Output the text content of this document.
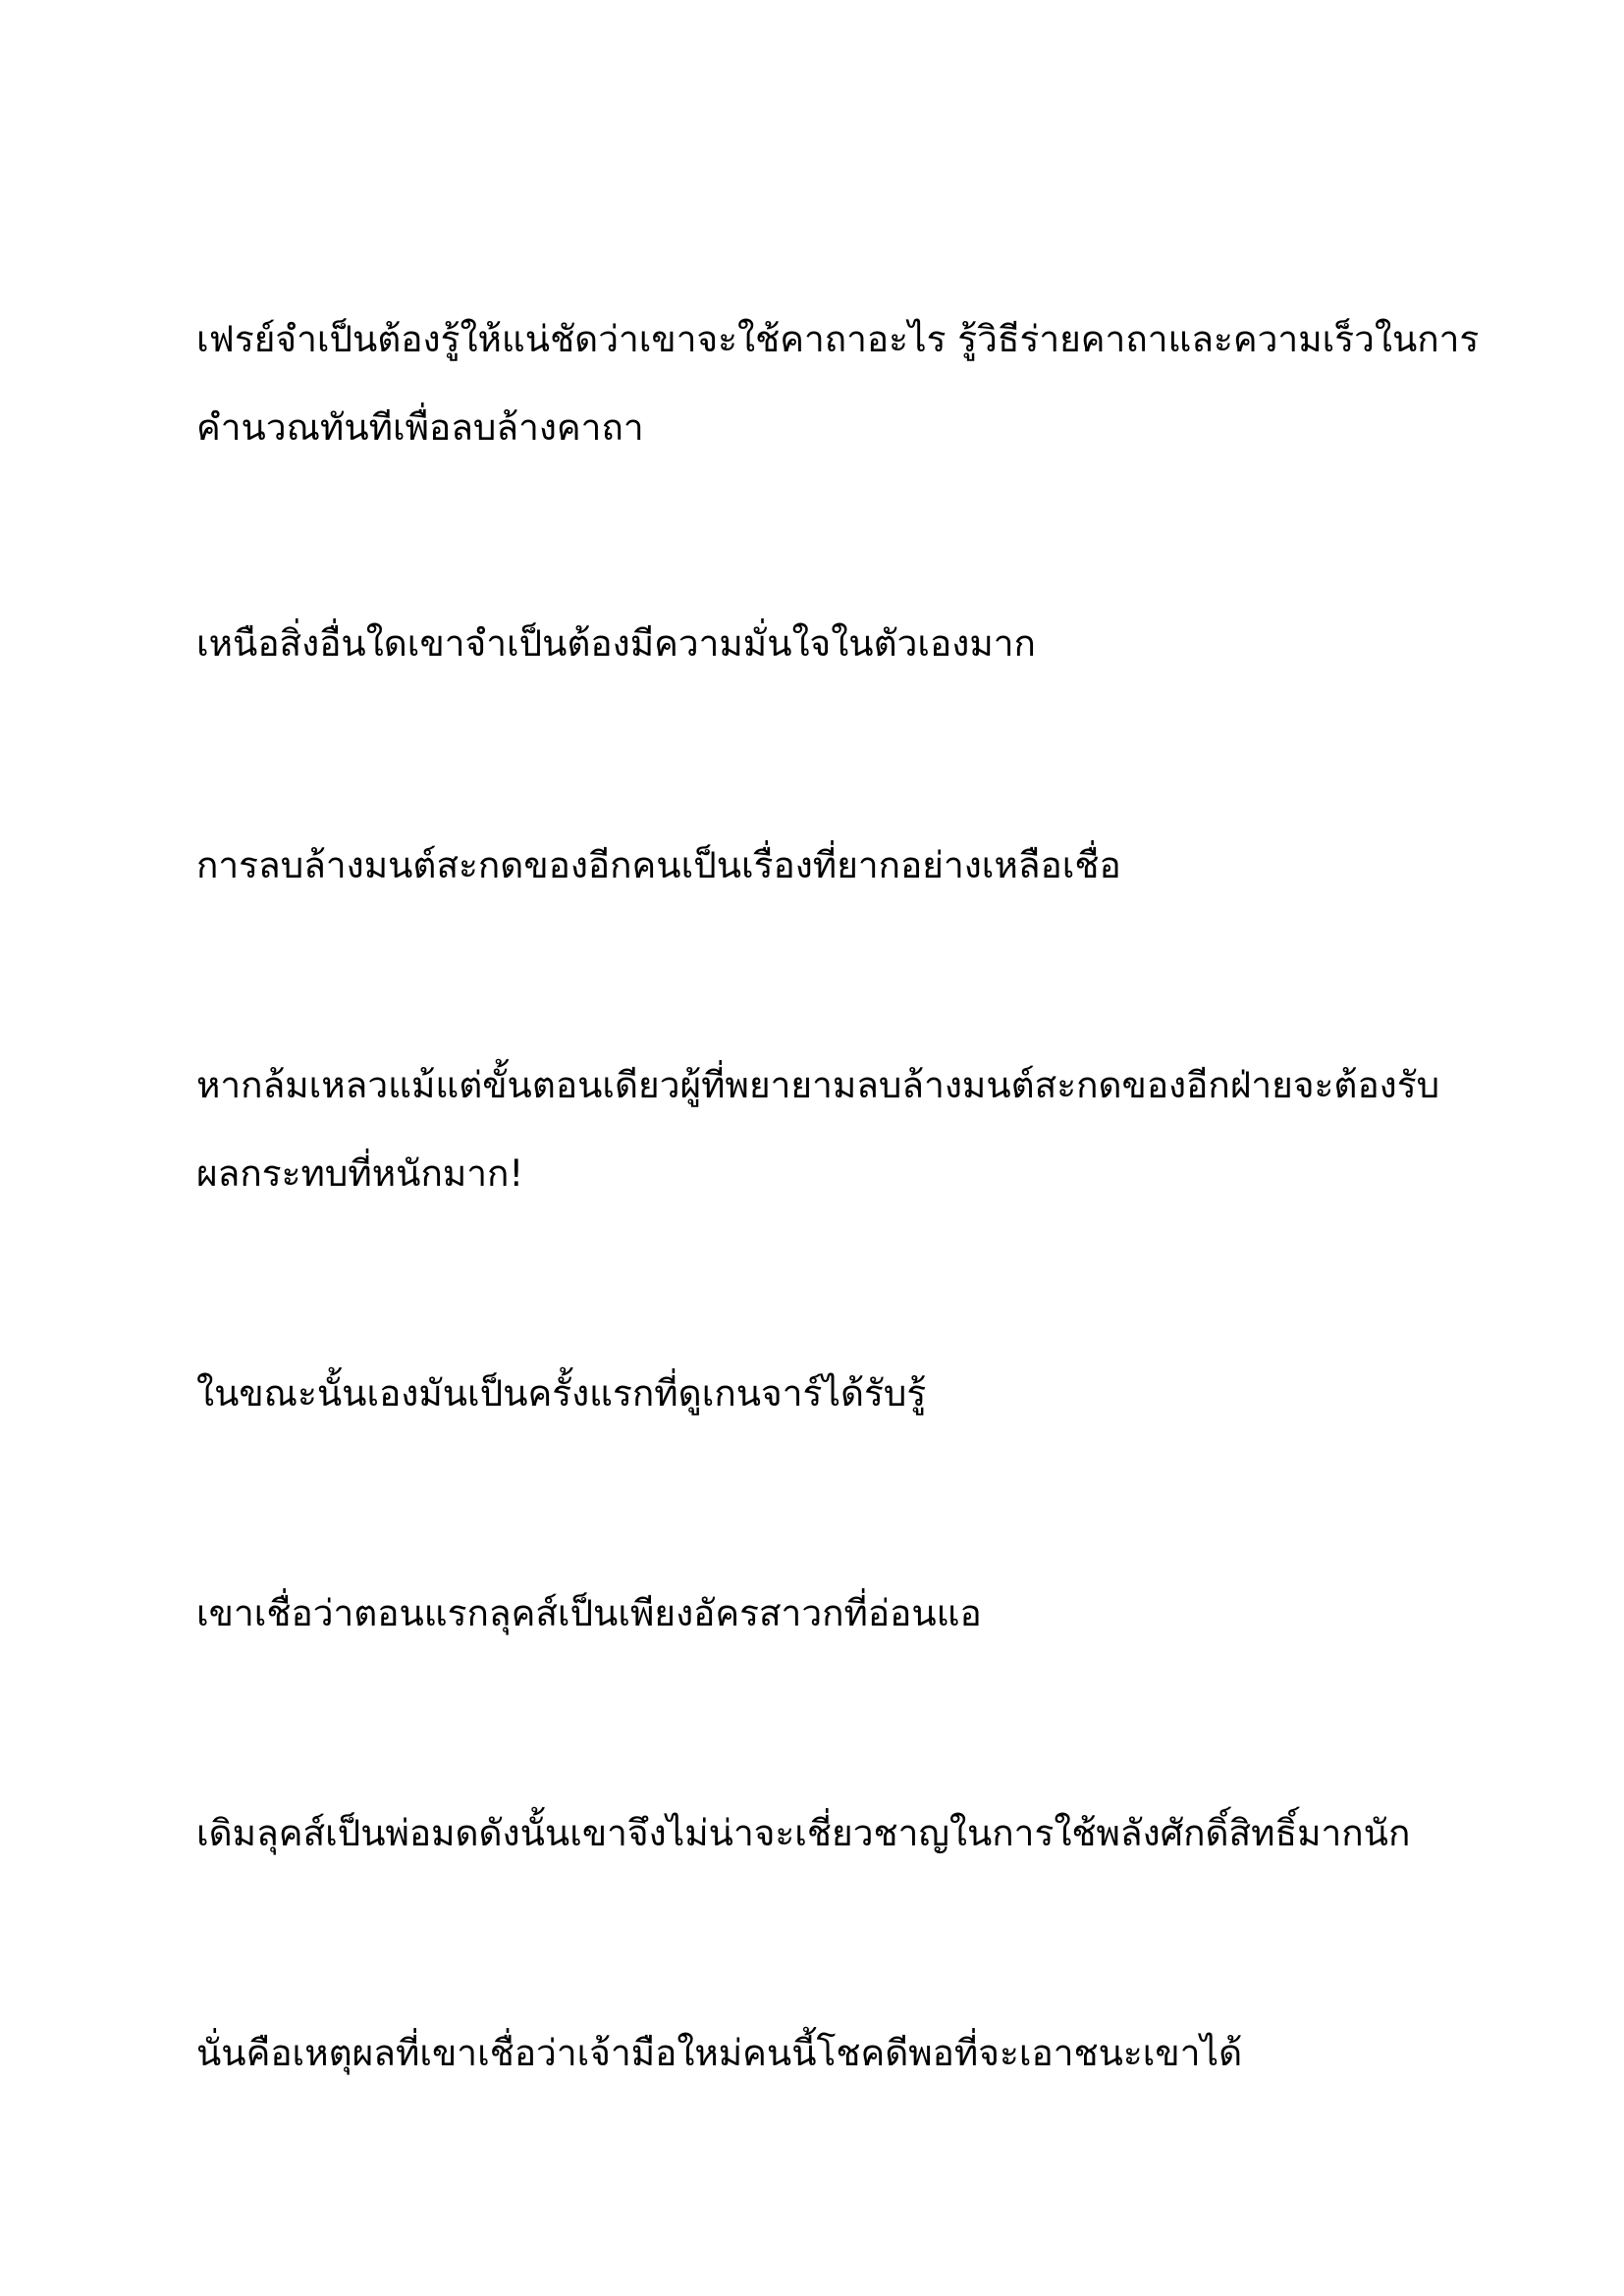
เฟรย์จำเป็นต้องรู้ให้แน่ชัดว่าเขาจะใช้คาถาอะไร รู้วิธีร่ายคาถาและความเร็วในการ
คำนวณทันทีเพื่อลบล้างคาถา
เหนือสิ่งอื่นใดเขาจำเป็นต้องมีความมั่นใจในตัวเองมาก
การลบล้างมนต์สะกดของอีกคนเป็นเรื่องที่ยากอย่างเหลือเชื่อ
หากล้มเหลวแม้แต่ขั้นตอนเดียวผู้ที่พยายามลบล้างมนต์สะกดของอีกฝ่ายจะต้องรับ
ผลกระทบที่หนักมาก!
ในขณะนั้นเองมันเป็นครั้งแรกที่ดูเกนจาร์ได้รับรู้
เขาเชื่อว่าตอนแรกลุคส์เป็นเพียงอัครสาวกที่อ่อนแอ
เดิมลุคส์เป็นพ่อมดดังนั้นเขาจึงไม่น่าจะเชี่ยวชาญในการใช้พลังศักดิ์สิทธิ์มากนัก
นั่นคือเหตุผลที่เขาเชื่อว่าเจ้ามือใหม่คนนี้โชคดีพอที่จะเอาชนะเขาได้
